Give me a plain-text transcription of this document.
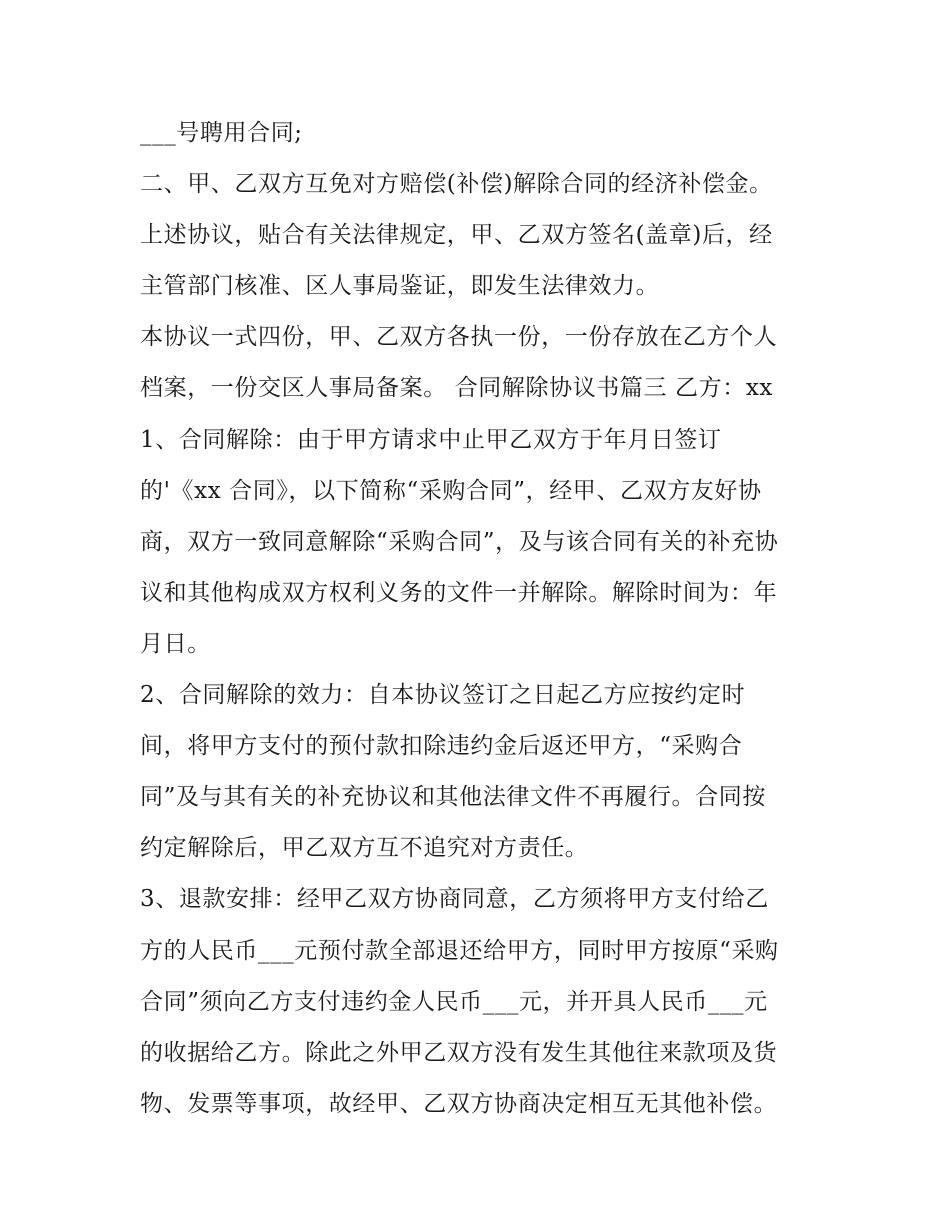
___号聘用合同;
二、甲、乙双方互免对方赔偿(补偿)解除合同的经济补偿金。
上述协议，贴合有关法律规定，甲、乙双方签名(盖章)后，经
主管部门核准、区人事局鉴证，即发生法律效力。
本协议一式四份，甲、乙双方各执一份，一份存放在乙方个人
档案，一份交区人事局备案。 合同解除协议书篇三 乙方：xx
1、合同解除：由于甲方请求中止甲乙双方于年月日签订
的'《xx 合同》，以下简称“采购合同”，经甲、乙双方友好协
商，双方一致同意解除“采购合同”，及与该合同有关的补充协
议和其他构成双方权利义务的文件一并解除。解除时间为：年
月日。
2、合同解除的效力：自本协议签订之日起乙方应按约定时
间，将甲方支付的预付款扣除违约金后返还甲方，“采购合
同”及与其有关的补充协议和其他法律文件不再履行。合同按
约定解除后，甲乙双方互不追究对方责任。
3、退款安排：经甲乙双方协商同意，乙方须将甲方支付给乙
方的人民币___元预付款全部退还给甲方，同时甲方按原“采购
合同”须向乙方支付违约金人民币___元，并开具人民币___元
的收据给乙方。除此之外甲乙双方没有发生其他往来款项及货
物、发票等事项，故经甲、乙双方协商决定相互无其他补偿。
